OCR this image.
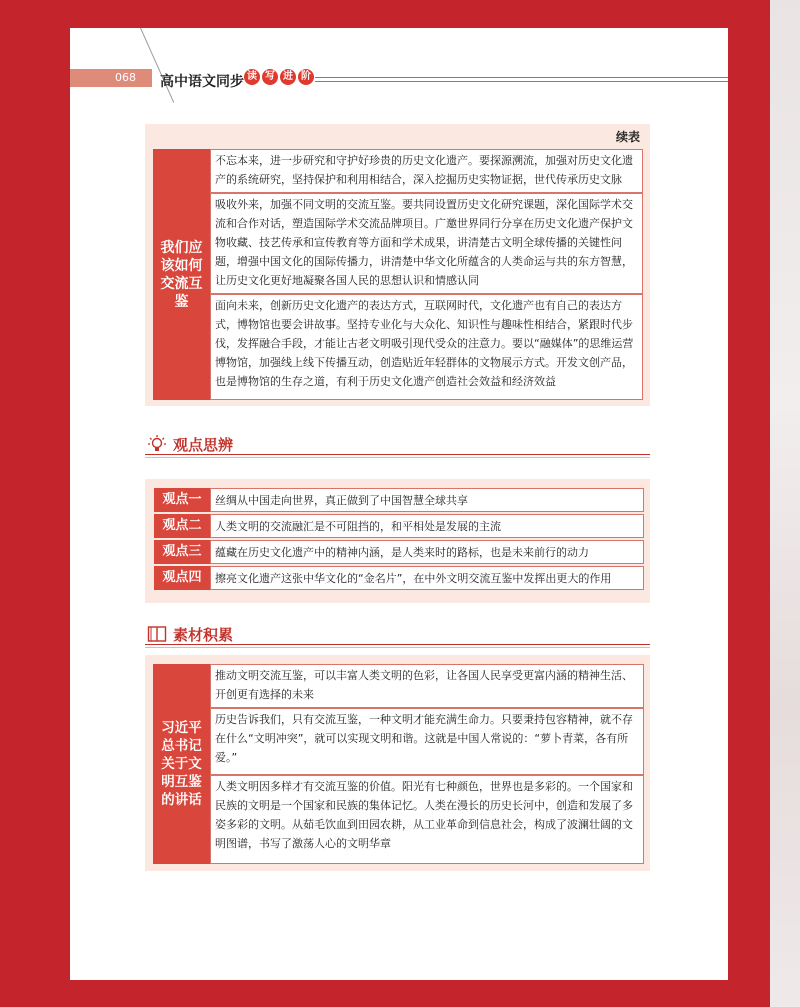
068	高中语文同步 读 写 进 阶
续表
我们应该如何交流互鉴
不忘本来，进一步研究和守护好珍贵的历史文化遗产。要探源溯流，加强对历史文化遗产的系统研究，坚持保护和利用相结合，深入挖掘历史实物证据，世代传承历史文脉
吸收外来，加强不同文明的交流互鉴。要共同设置历史文化研究课题，深化国际学术交流和合作对话，塑造国际学术交流品牌项目。广邀世界同行分享在历史文化遗产保护文物收藏、技艺传承和宣传教育等方面和学术成果，讲清楚古文明全球传播的关键性问题，增强中国文化的国际传播力，讲清楚中华文化所蕴含的人类命运与共的东方智慧，让历史文化更好地凝聚各国人民的思想认识和情感认同
面向未来，创新历史文化遗产的表达方式，互联网时代，文化遗产也有自己的表达方式，博物馆也要会讲故事。坚持专业化与大众化、知识性与趣味性相结合，紧跟时代步伐，发挥融合手段，才能让古老文明吸引现代受众的注意力。要以“融媒体”的思维运营博物馆，加强线上线下传播互动，创造贴近年轻群体的文物展示方式。开发文创产品，也是博物馆的生存之道，有利于历史文化遗产创造社会效益和经济效益
观点思辨
观点一	丝绸从中国走向世界，真正做到了中国智慧全球共享
观点二	人类文明的交流融汇是不可阻挡的，和平相处是发展的主流
观点三	蕴藏在历史文化遗产中的精神内涵，是人类来时的路标，也是未来前行的动力
观点四	擦亮文化遗产这张中华文化的“金名片”，在中外文明交流互鉴中发挥出更大的作用
素材积累
习近平总书记关于文明互鉴的讲话
推动文明交流互鉴，可以丰富人类文明的色彩，让各国人民享受更富内涵的精神生活、开创更有选择的未来
历史告诉我们，只有交流互鉴，一种文明才能充满生命力。只要秉持包容精神，就不存在什么“文明冲突”，就可以实现文明和谐。这就是中国人常说的：“萝卜青菜，各有所爱。”
人类文明因多样才有交流互鉴的价值。阳光有七种颜色，世界也是多彩的。一个国家和民族的文明是一个国家和民族的集体记忆。人类在漫长的历史长河中，创造和发展了多姿多彩的文明。从茹毛饮血到田园农耕，从工业革命到信息社会，构成了波澜壮阔的文明图谱，书写了激荡人心的文明华章
